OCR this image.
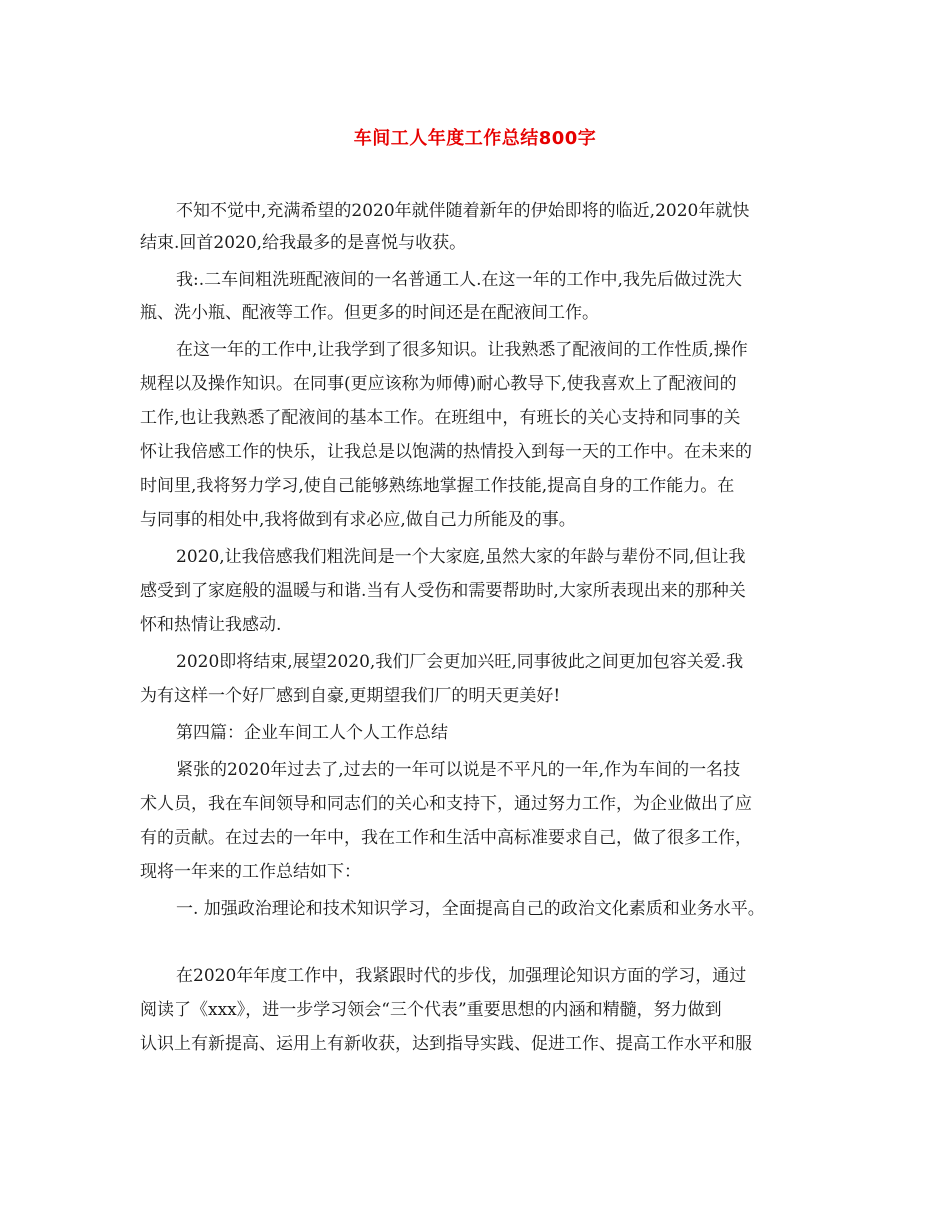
车间工人年度工作总结800字
不知不觉中,充满希望的2020年就伴随着新年的伊始即将的临近,2020年就快
结束.回首2020,给我最多的是喜悦与收获。
我:.二车间粗洗班配液间的一名普通工人.在这一年的工作中,我先后做过洗大
瓶、洗小瓶、配液等工作。但更多的时间还是在配液间工作。
在这一年的工作中,让我学到了很多知识。让我熟悉了配液间的工作性质,操作
规程以及操作知识。在同事(更应该称为师傅)耐心教导下,使我喜欢上了配液间的
工作,也让我熟悉了配液间的基本工作。在班组中，有班长的关心支持和同事的关
怀让我倍感工作的快乐，让我总是以饱满的热情投入到每一天的工作中。在未来的
时间里,我将努力学习,使自己能够熟练地掌握工作技能,提高自身的工作能力。在
与同事的相处中,我将做到有求必应,做自己力所能及的事。
2020,让我倍感我们粗洗间是一个大家庭,虽然大家的年龄与辈份不同,但让我
感受到了家庭般的温暖与和谐.当有人受伤和需要帮助时,大家所表现出来的那种关
怀和热情让我感动.
2020即将结束,展望2020,我们厂会更加兴旺,同事彼此之间更加包容关爱.我
为有这样一个好厂感到自豪,更期望我们厂的明天更美好!
第四篇：企业车间工人个人工作总结
紧张的2020年过去了,过去的一年可以说是不平凡的一年,作为车间的一名技
术人员，我在车间领导和同志们的关心和支持下，通过努力工作，为企业做出了应
有的贡献。在过去的一年中，我在工作和生活中高标准要求自己，做了很多工作，
现将一年来的工作总结如下：
一. 加强政治理论和技术知识学习，全面提高自己的政治文化素质和业务水平。
在2020年年度工作中，我紧跟时代的步伐，加强理论知识方面的学习，通过
阅读了《xxx》，进一步学习领会“三个代表”重要思想的内涵和精髓，努力做到
认识上有新提高、运用上有新收获，达到指导实践、促进工作、提高工作水平和服
